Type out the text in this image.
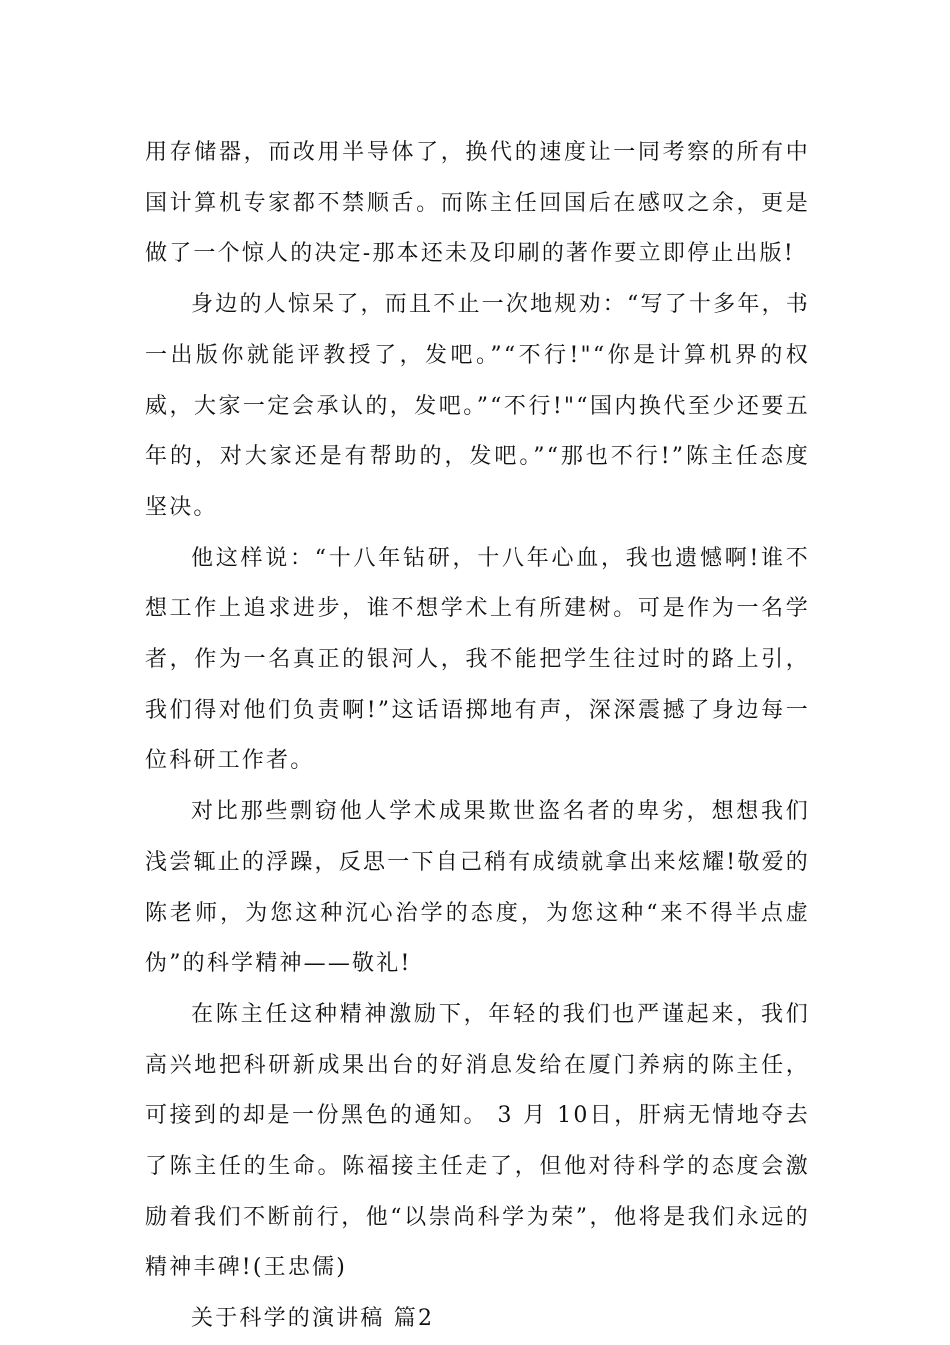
用存储器，而改用半导体了，换代的速度让一同考察的所有中国计算机专家都不禁顺舌。而陈主任回国后在感叹之余，更是做了一个惊人的决定-那本还未及印刷的著作要立即停止出版!

身边的人惊呆了，而且不止一次地规劝：“写了十多年，书一出版你就能评教授了，发吧。”“不行!"“你是计算机界的权威，大家一定会承认的，发吧。”“不行!"“国内换代至少还要五年的，对大家还是有帮助的，发吧。”“那也不行!”陈主任态度坚决。

他这样说：“十八年钻研，十八年心血，我也遗憾啊!谁不想工作上追求进步，谁不想学术上有所建树。可是作为一名学者，作为一名真正的银河人，我不能把学生往过时的路上引，我们得对他们负责啊!”这话语掷地有声，深深震撼了身边每一位科研工作者。

对比那些剽窃他人学术成果欺世盗名者的卑劣，想想我们浅尝辄止的浮躁，反思一下自己稍有成绩就拿出来炫耀!敬爱的陈老师，为您这种沉心治学的态度，为您这种“来不得半点虚伪”的科学精神——敬礼!

在陈主任这种精神激励下，年轻的我们也严谨起来，我们高兴地把科研新成果出台的好消息发给在厦门养病的陈主任，可接到的却是一份黑色的通知。 3 月 10日，肝病无情地夺去了陈主任的生命。陈福接主任走了，但他对待科学的态度会激励着我们不断前行，他“以崇尚科学为荣”，他将是我们永远的精神丰碑!(王忠儒)

关于科学的演讲稿 篇2
